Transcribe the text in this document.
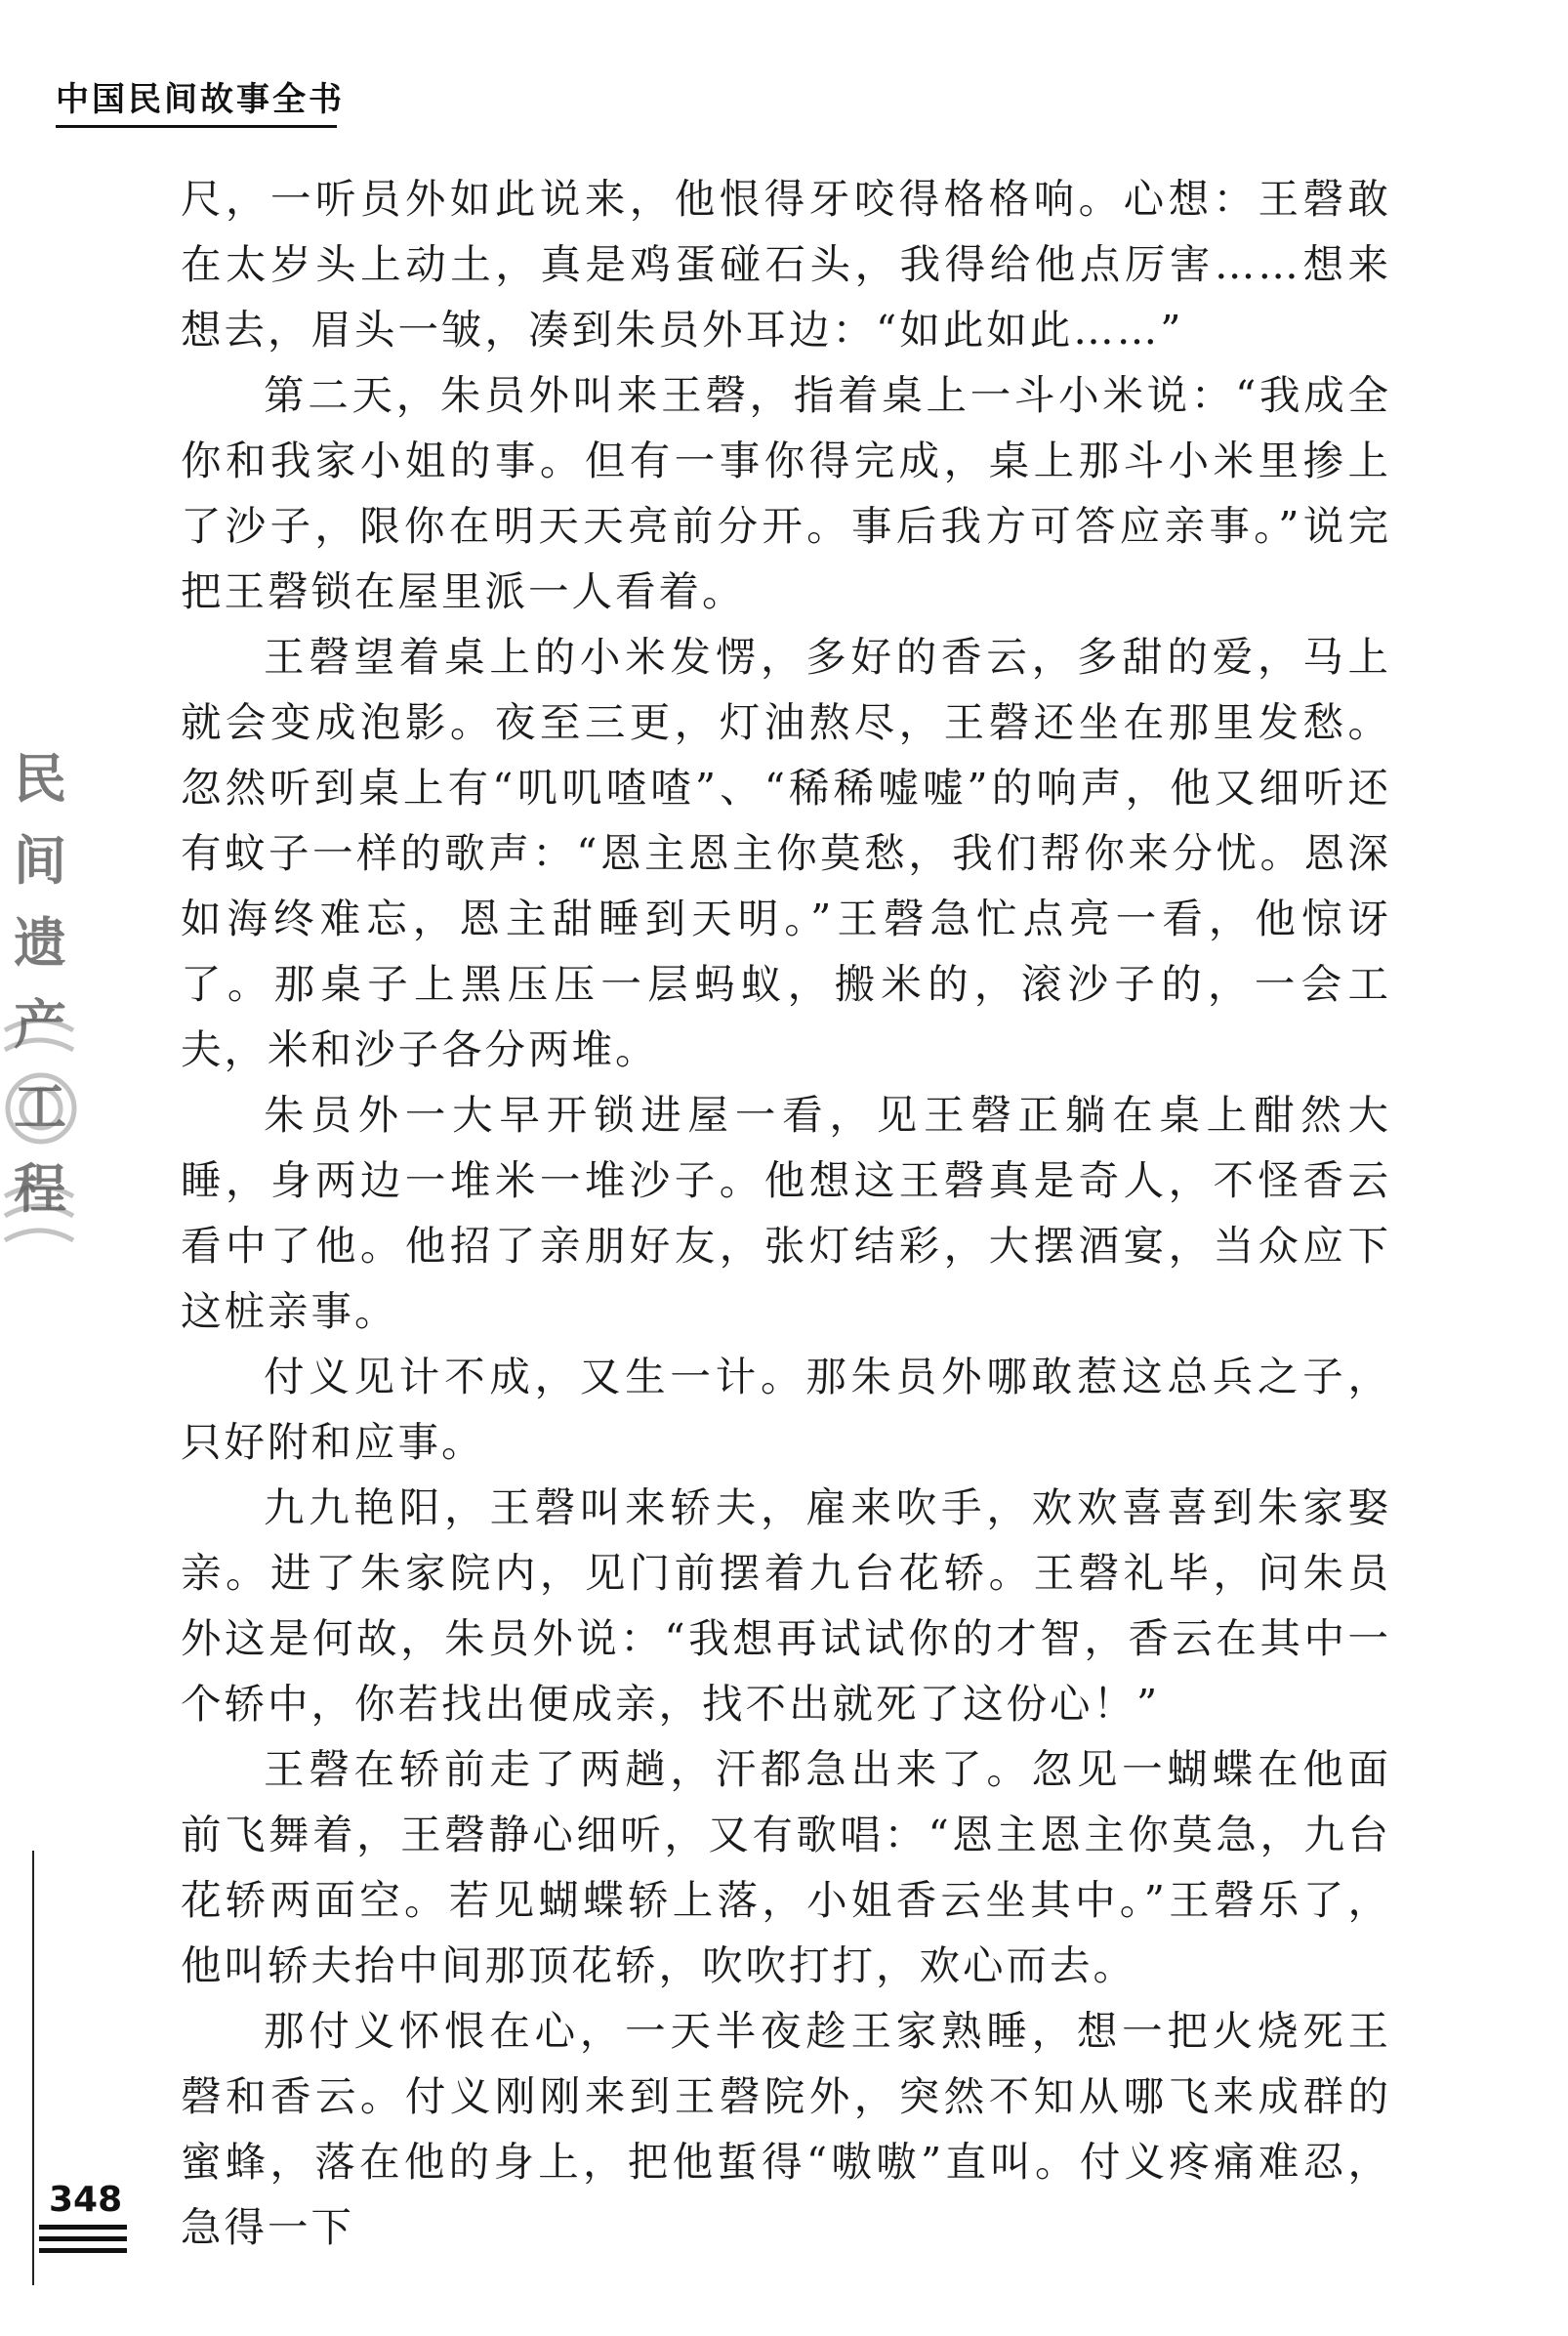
中国民间故事全书
民
间
遗
产
工
程

尺，一听员外如此说来，他恨得牙咬得格格响。心想：王磬敢在太岁头上动土，真是鸡蛋碰石头，我得给他点厉害……想来想去，眉头一皱，凑到朱员外耳边：“如此如此……”

第二天，朱员外叫来王磬，指着桌上一斗小米说：“我成全你和我家小姐的事。但有一事你得完成，桌上那斗小米里掺上了沙子，限你在明天天亮前分开。事后我方可答应亲事。”说完把王磬锁在屋里派一人看着。

王磬望着桌上的小米发愣，多好的香云，多甜的爱，马上就会变成泡影。夜至三更，灯油熬尽，王磬还坐在那里发愁。忽然听到桌上有“叽叽喳喳”、“稀稀嘘嘘”的响声，他又细听还有蚊子一样的歌声：“恩主恩主你莫愁，我们帮你来分忧。恩深如海终难忘，恩主甜睡到天明。”王磬急忙点亮一看，他惊讶了。那桌子上黑压压一层蚂蚁，搬米的，滚沙子的，一会工夫，米和沙子各分两堆。

朱员外一大早开锁进屋一看，见王磬正躺在桌上酣然大睡，身两边一堆米一堆沙子。他想这王磬真是奇人，不怪香云看中了他。他招了亲朋好友，张灯结彩，大摆酒宴，当众应下这桩亲事。

付义见计不成，又生一计。那朱员外哪敢惹这总兵之子，只好附和应事。

九九艳阳，王磬叫来轿夫，雇来吹手，欢欢喜喜到朱家娶亲。进了朱家院内，见门前摆着九台花轿。王磬礼毕，问朱员外这是何故，朱员外说：“我想再试试你的才智，香云在其中一个轿中，你若找出便成亲，找不出就死了这份心！”

王磬在轿前走了两趟，汗都急出来了。忽见一蝴蝶在他面前飞舞着，王磬静心细听，又有歌唱：“恩主恩主你莫急，九台花轿两面空。若见蝴蝶轿上落，小姐香云坐其中。”王磬乐了，他叫轿夫抬中间那顶花轿，吹吹打打，欢心而去。

那付义怀恨在心，一天半夜趁王家熟睡，想一把火烧死王磬和香云。付义刚刚来到王磬院外，突然不知从哪飞来成群的蜜蜂，落在他的身上，把他蜇得“嗷嗷”直叫。付义疼痛难忍，急得一下

348
